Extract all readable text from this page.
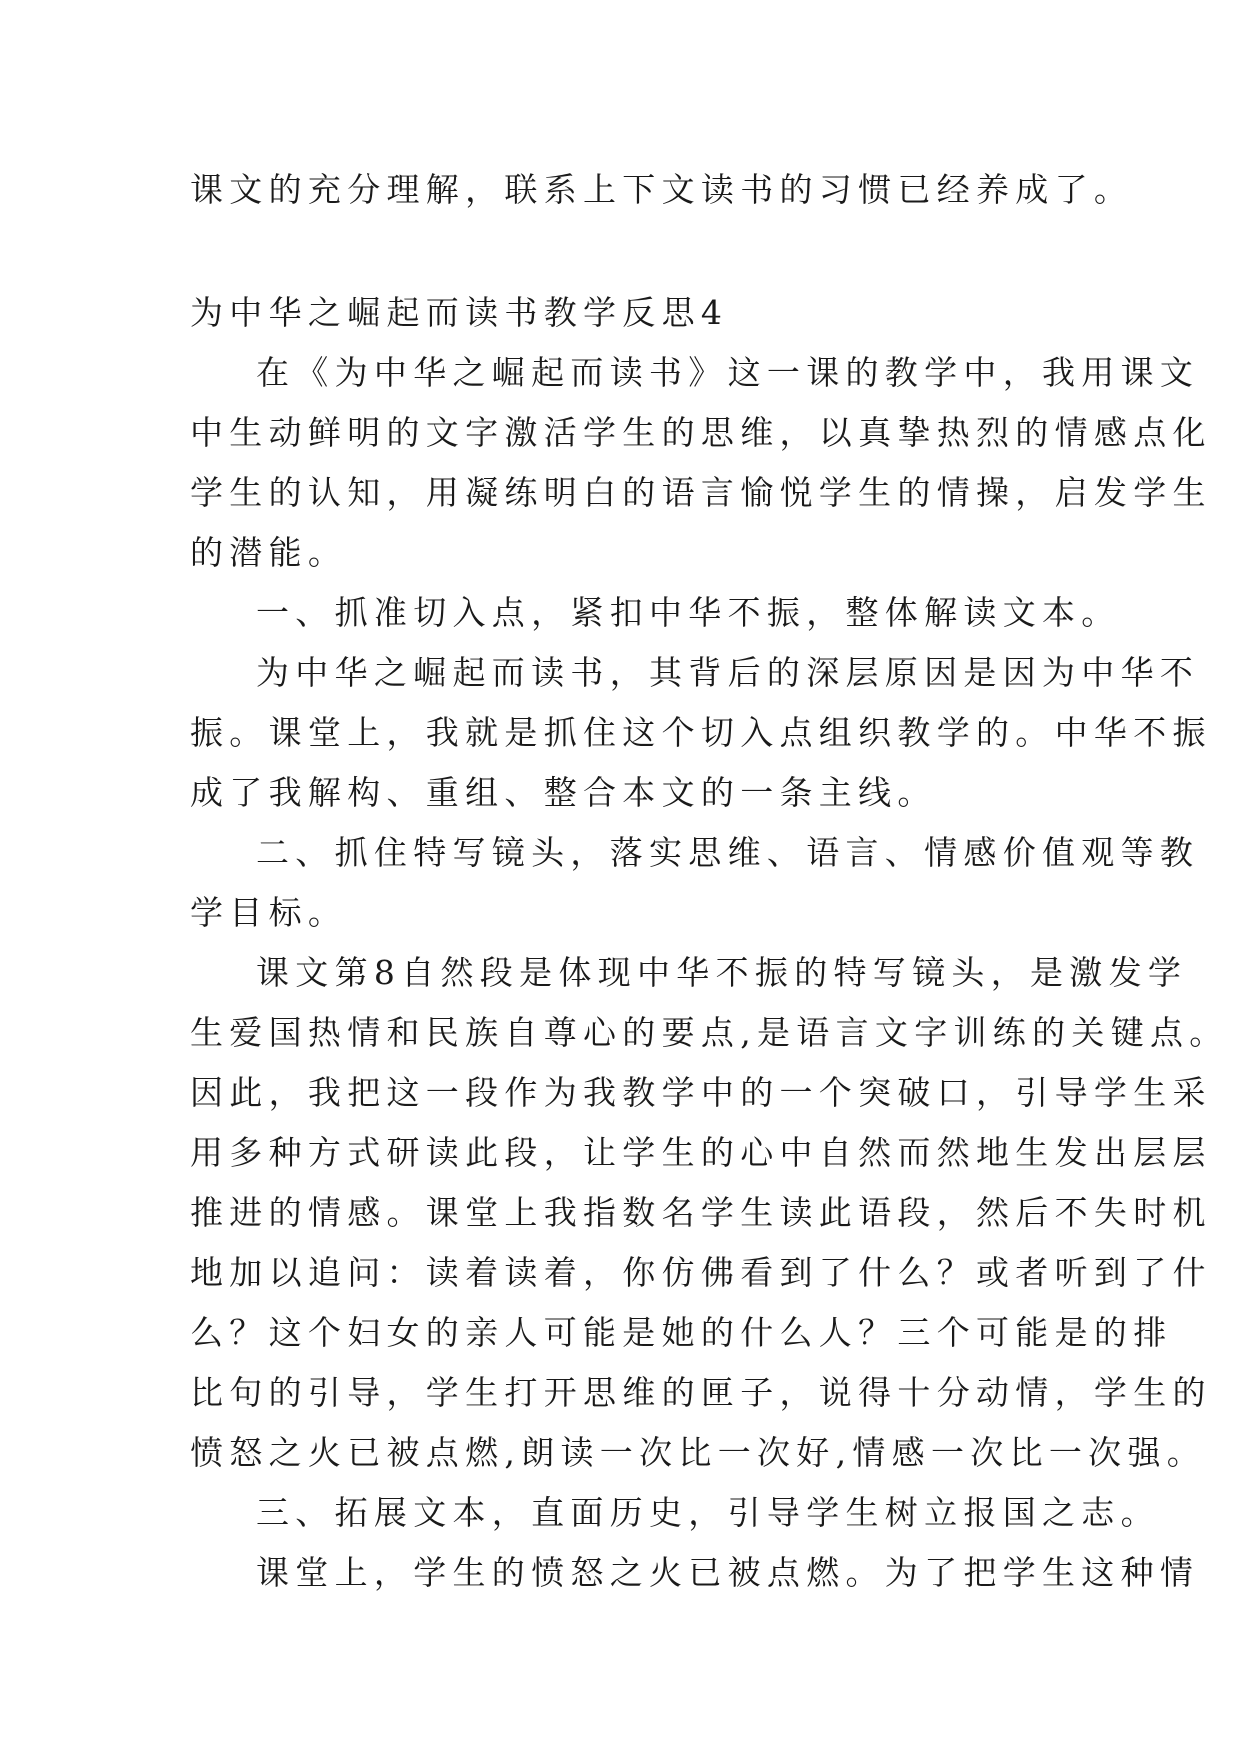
课文的充分理解，联系上下文读书的习惯已经养成了。
为中华之崛起而读书教学反思4
在《为中华之崛起而读书》这一课的教学中，我用课文
中生动鲜明的文字激活学生的思维，以真挚热烈的情感点化
学生的认知，用凝练明白的语言愉悦学生的情操，启发学生
的潜能。
一、抓准切入点，紧扣中华不振，整体解读文本。
为中华之崛起而读书，其背后的深层原因是因为中华不
振。课堂上，我就是抓住这个切入点组织教学的。中华不振
成了我解构、重组、整合本文的一条主线。
二、抓住特写镜头，落实思维、语言、情感价值观等教
学目标。
课文第8自然段是体现中华不振的特写镜头，是激发学
生爱国热情和民族自尊心的要点,是语言文字训练的关键点。
因此，我把这一段作为我教学中的一个突破口，引导学生采
用多种方式研读此段，让学生的心中自然而然地生发出层层
推进的情感。课堂上我指数名学生读此语段，然后不失时机
地加以追问：读着读着，你仿佛看到了什么？或者听到了什
么？这个妇女的亲人可能是她的什么人？三个可能是的排
比句的引导，学生打开思维的匣子，说得十分动情，学生的
愤怒之火已被点燃,朗读一次比一次好,情感一次比一次强。
三、拓展文本，直面历史，引导学生树立报国之志。
课堂上，学生的愤怒之火已被点燃。为了把学生这种情
